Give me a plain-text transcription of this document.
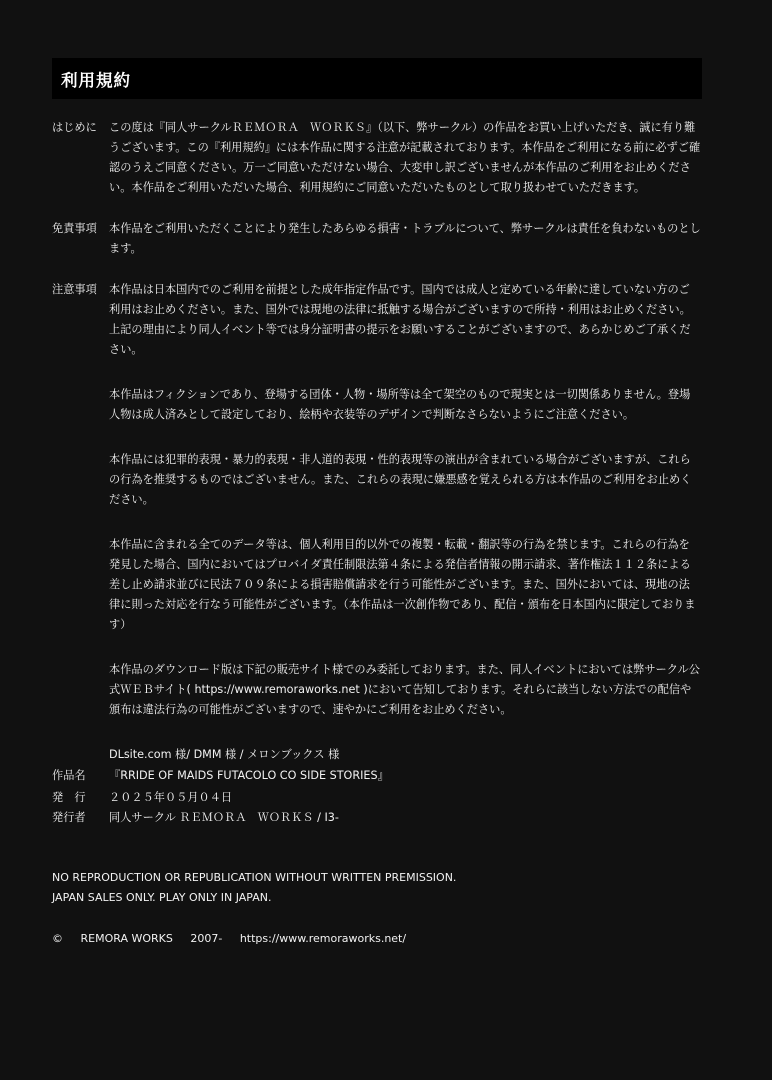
利用規約
はじめに	この度は『同人サークルＲＥＭＯＲＡ　ＷＯＲＫＳ』（以下、弊サークル）の作品をお買い上げいただき、誠に有り難うございます。この『利用規約』には本作品に関する注意が記載されております。本作品をご利用になる前に必ずご確認のうえご同意ください。万一ご同意いただけない場合、大変申し訳ございませんが本作品のご利用をお止めください。本作品をご利用いただいた場合、利用規約にご同意いただいたものとして取り扱わせていただきます。
免責事項	本作品をご利用いただくことにより発生したあらゆる損害・トラブルについて、弊サークルは責任を負わないものとします。
注意事項	本作品は日本国内でのご利用を前提とした成年指定作品です。国内では成人と定めている年齢に達していない方のご利用はお止めください。また、国外では現地の法律に抵触する場合がございますので所持・利用はお止めください。上記の理由により同人イベント等では身分証明書の提示をお願いすることがございますので、あらかじめご了承ください。

本作品はフィクションであり、登場する団体・人物・場所等は全て架空のもので現実とは一切関係ありません。登場人物は成人済みとして設定しており、絵柄や衣装等のデザインで判断なさらないようにご注意ください。

本作品には犯罪的表現・暴力的表現・非人道的表現・性的表現等の演出が含まれている場合がございますが、これらの行為を推奨するものではございません。また、これらの表現に嫌悪感を覚えられる方は本作品のご利用をお止めください。

本作品に含まれる全てのデータ等は、個人利用目的以外での複製・転載・翻訳等の行為を禁じます。これらの行為を発見した場合、国内においてはプロバイダ責任制限法第４条による発信者情報の開示請求、著作権法１１２条による差し止め請求並びに民法７０９条による損害賠償請求を行う可能性がございます。また、国外においては、現地の法律に則った対応を行なう可能性がございます。（本作品は一次創作物であり、配信・頒布を日本国内に限定しております）

本作品のダウンロード版は下記の販売サイト様でのみ委託しております。また、同人イベントにおいては弊サークル公式ＷＥＢサイト( https://www.remoraworks.net )において告知しております。それらに該当しない方法での配信や頒布は違法行為の可能性がございますので、速やかにご利用をお止めください。

DLsite.com 様/ DMM 様 / メロンブックス 様

作品名 『RRIDE OF MAIDS FUTACOLO CO SIDE STORIES』
発　行 ２０２５年０５月０４日
発行者 同人サークル ＲＥＭＯＲＡ　ＷＯＲＫＳ / I3-
NO REPRODUCTION OR REPUBLICATION WITHOUT WRITTEN PREMISSION.
JAPAN SALES ONLY. PLAY ONLY IN JAPAN.
© REMORA WORKS 2007- https://www.remoraworks.net/
